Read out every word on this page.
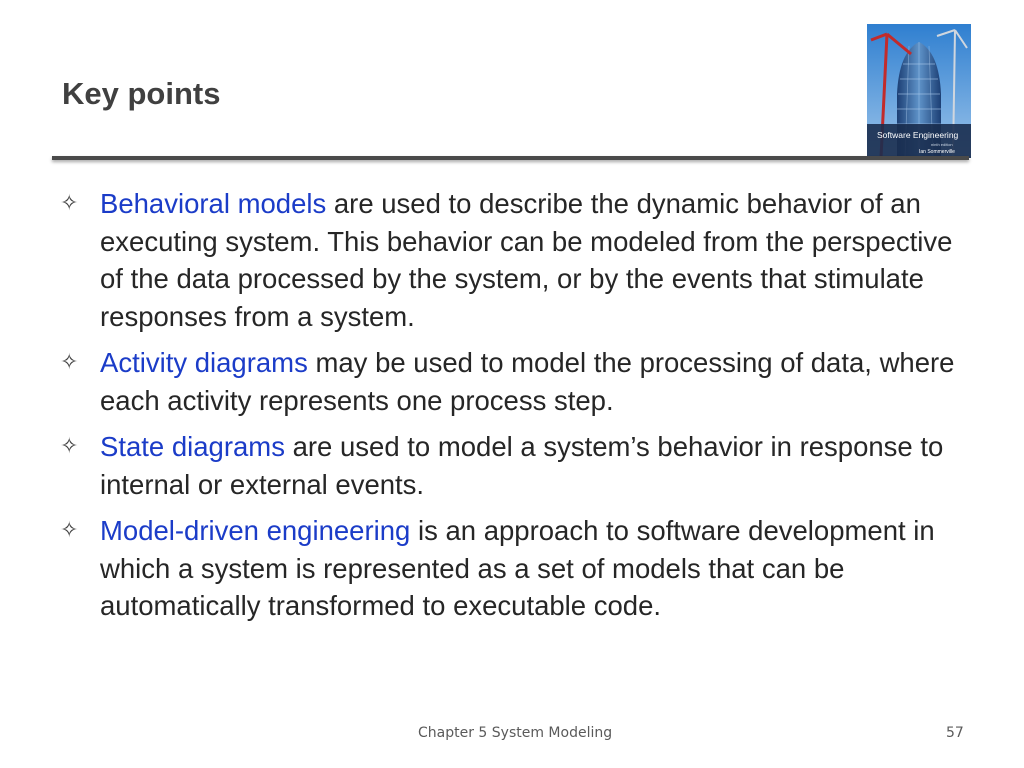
Key points
Software Engineering
ninth edition
Ian Sommerville
✧ Behavioral models are used to describe the dynamic behavior of an executing system. This behavior can be modeled from the perspective of the data processed by the system, or by the events that stimulate responses from a system.
✧ Activity diagrams may be used to model the processing of data, where each activity represents one process step.
✧ State diagrams are used to model a system’s behavior in response to internal or external events.
✧ Model-driven engineering is an approach to software development in which a system is represented as a set of models that can be automatically transformed to executable code.
Chapter 5 System Modeling	57
